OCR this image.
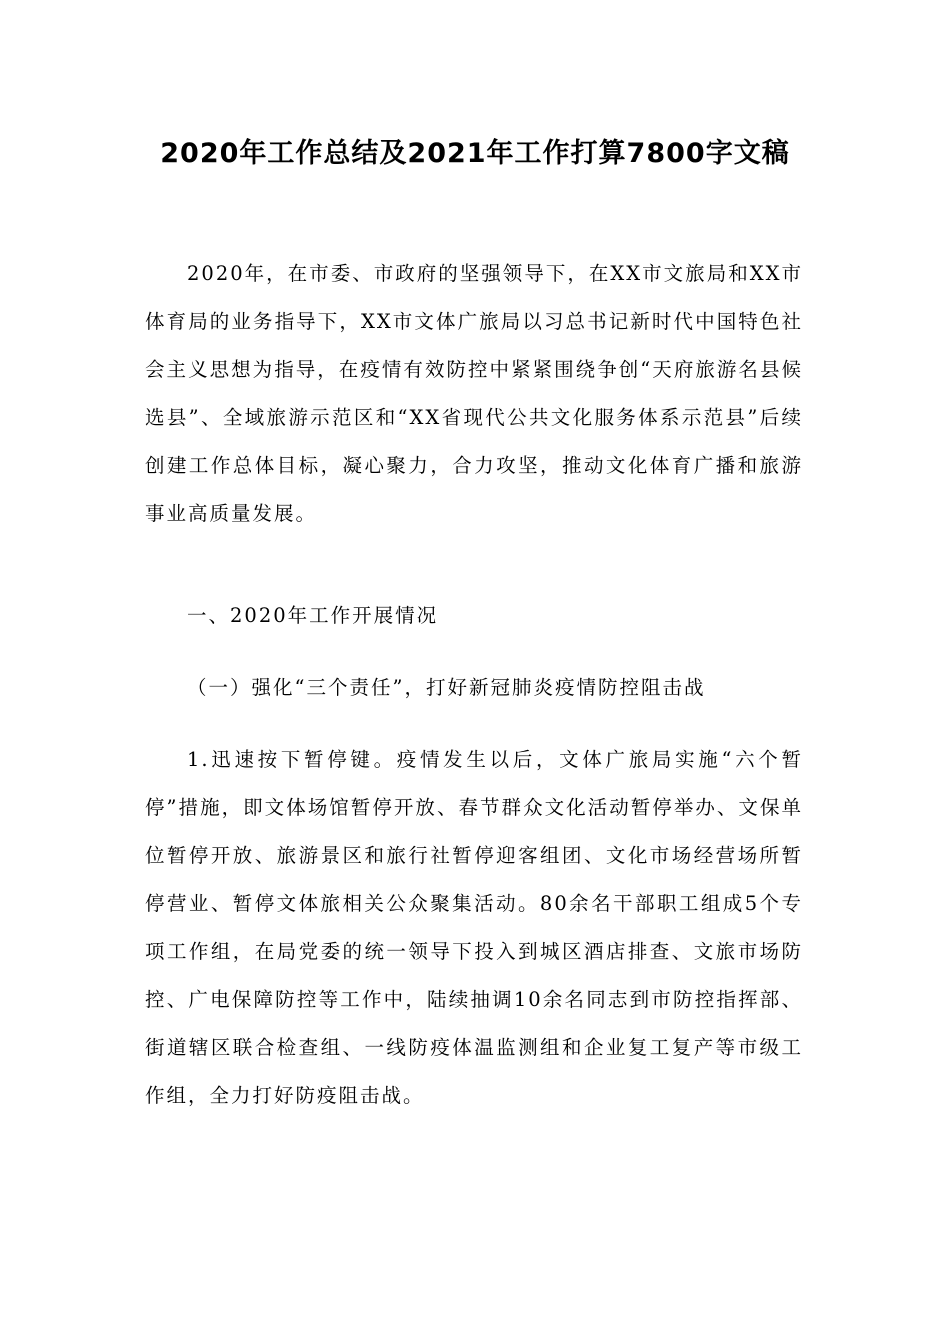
2020年工作总结及2021年工作打算7800字文稿

2020年，在市委、市政府的坚强领导下，在XX市文旅局和XX市体育局的业务指导下，XX市文体广旅局以习总书记新时代中国特色社会主义思想为指导，在疫情有效防控中紧紧围绕争创“天府旅游名县候选县”、全域旅游示范区和“XX省现代公共文化服务体系示范县”后续创建工作总体目标，凝心聚力，合力攻坚，推动文化体育广播和旅游事业高质量发展。

一、2020年工作开展情况

（一）强化“三个责任”，打好新冠肺炎疫情防控阻击战

1.迅速按下暂停键。疫情发生以后，文体广旅局实施“六个暂停”措施，即文体场馆暂停开放、春节群众文化活动暂停举办、文保单位暂停开放、旅游景区和旅行社暂停迎客组团、文化市场经营场所暂停营业、暂停文体旅相关公众聚集活动。80余名干部职工组成5个专项工作组，在局党委的统一领导下投入到城区酒店排查、文旅市场防控、广电保障防控等工作中，陆续抽调10余名同志到市防控指挥部、街道辖区联合检查组、一线防疫体温监测组和企业复工复产等市级工作组，全力打好防疫阻击战。
